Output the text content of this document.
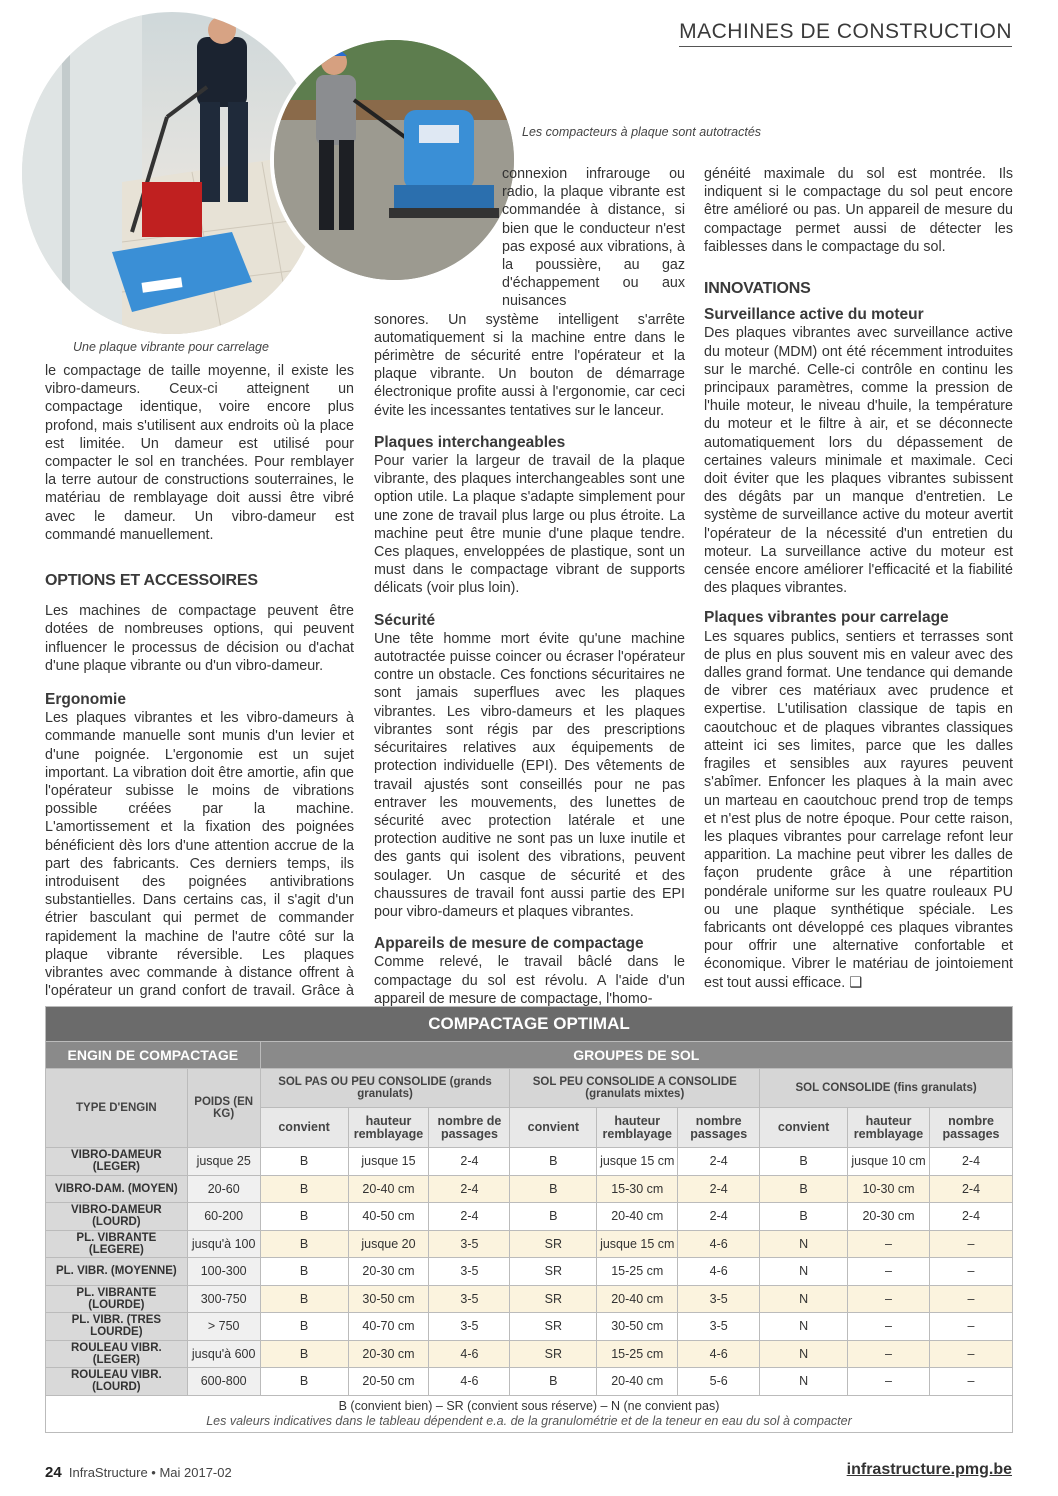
MACHINES DE CONSTRUCTION
Une plaque vibrante pour carrelage
Les compacteurs à plaque sont autotractés

le compactage de taille moyenne, il existe les vibro-dameurs. Ceux-ci atteignent un compactage identique, voire encore plus profond, mais s'utilisent aux endroits où la place est limitée. Un dameur est utilisé pour compacter le sol en tranchées. Pour remblayer la terre autour de constructions souterraines, le matériau de remblayage doit aussi être vibré avec le dameur. Un vibro-dameur est commandé manuellement.

OPTIONS ET ACCESSOIRES

Les machines de compactage peuvent être dotées de nombreuses options, qui peuvent influencer le processus de décision ou d'achat d'une plaque vibrante ou d'un vibro-dameur.

Ergonomie

Les plaques vibrantes et les vibro-dameurs à commande manuelle sont munis d'un levier et d'une poignée. L'ergonomie est un sujet important. La vibration doit être amortie, afin que l'opérateur subisse le moins de vibrations possible créées par la machine. L'amortissement et la fixation des poignées bénéficient dès lors d'une attention accrue de la part des fabricants. Ces derniers temps, ils introduisent des poignées antivibrations substantielles. Dans certains cas, il s'agit d'un étrier basculant qui permet de commander rapidement la machine de l'autre côté sur la plaque vibrante réversible. Les plaques vibrantes avec commande à distance offrent à l'opérateur un grand confort de travail. Grâce à

connexion infrarouge ou radio, la plaque vibrante est commandée à distance, si bien que le conducteur n'est pas exposé aux vibrations, à la poussière, au gaz d'échappement ou aux nuisances

sonores. Un système intelligent s'arrête automatiquement si la machine entre dans le périmètre de sécurité entre l'opérateur et la plaque vibrante. Un bouton de démarrage électronique profite aussi à l'ergonomie, car ceci évite les incessantes tentatives sur le lanceur.

Plaques interchangeables

Pour varier la largeur de travail de la plaque vibrante, des plaques interchangeables sont une option utile. La plaque s'adapte simplement pour une zone de travail plus large ou plus étroite. La machine peut être munie d'une plaque tendre. Ces plaques, enveloppées de plastique, sont un must dans le compactage vibrant de supports délicats (voir plus loin).

Sécurité

Une tête homme mort évite qu'une machine autotractée puisse coincer ou écraser l'opérateur contre un obstacle. Ces fonctions sécuritaires ne sont jamais superflues avec les plaques vibrantes. Les vibro-dameurs et les plaques vibrantes sont régis par des prescriptions sécuritaires relatives aux équipements de protection individuelle (EPI). Des vêtements de travail ajustés sont conseillés pour ne pas entraver les mouvements, des lunettes de sécurité avec protection latérale et une protection auditive ne sont pas un luxe inutile et des gants qui isolent des vibrations, peuvent soulager. Un casque de sécurité et des chaussures de travail font aussi partie des EPI pour vibro-dameurs et plaques vibrantes.

Appareils de mesure de compactage

Comme relevé, le travail bâclé dans le compactage du sol est révolu. A l'aide d'un appareil de mesure de compactage, l'homo-

généité maximale du sol est montrée. Ils indiquent si le compactage du sol peut encore être amélioré ou pas. Un appareil de mesure du compactage permet aussi de détecter les faiblesses dans le compactage du sol.

INNOVATIONS
Surveillance active du moteur

Des plaques vibrantes avec surveillance active du moteur (MDM) ont été récemment introduites sur le marché. Celle-ci contrôle en continu les principaux paramètres, comme la pression de l'huile moteur, le niveau d'huile, la température du moteur et le filtre à air, et se déconnecte automatiquement lors du dépassement de certaines valeurs minimale et maximale. Ceci doit éviter que les plaques vibrantes subissent des dégâts par un manque d'entretien. Le système de surveillance active du moteur avertit l'opérateur de la nécessité d'un entretien du moteur. La surveillance active du moteur est censée encore améliorer l'efficacité et la fiabilité des plaques vibrantes.

Plaques vibrantes pour carrelage

Les squares publics, sentiers et terrasses sont de plus en plus souvent mis en valeur avec des dalles grand format. Une tendance qui demande de vibrer ces matériaux avec prudence et expertise. L'utilisation classique de tapis en caoutchouc et de plaques vibrantes classiques atteint ici ses limites, parce que les dalles fragiles et sensibles aux rayures peuvent s'abîmer. Enfoncer les plaques à la main avec un marteau en caoutchouc prend trop de temps et n'est plus de notre époque. Pour cette raison, les plaques vibrantes pour carrelage refont leur apparition. La machine peut vibrer les dalles de façon prudente grâce à une répartition pondérale uniforme sur les quatre rouleaux PU ou une plaque synthétique spéciale. Les fabricants ont développé ces plaques vibrantes pour offrir une alternative confortable et économique. Vibrer le matériau de jointoiement est tout aussi efficace. ❑

COMPACTAGE OPTIMAL										
ENGIN DE COMPACTAGE		GROUPES DE SOL								
TYPE D'ENGIN	POIDS (EN KG)	SOL PAS OU PEU CONSOLIDE (grands granulats)			SOL PEU CONSOLIDE A CONSOLIDE (granulats mixtes)			SOL CONSOLIDE (fins granulats)		
		convient	hauteur remblayage	nombre de passages	convient	hauteur remblayage	nombre passages	convient	hauteur remblayage	nombre passages
VIBRO-DAMEUR (LEGER)	jusque 25	B	jusque 15	2-4	B	jusque 15 cm	2-4	B	jusque 10 cm	2-4
VIBRO-DAM. (MOYEN)	20-60	B	20-40 cm	2-4	B	15-30 cm	2-4	B	10-30 cm	2-4
VIBRO-DAMEUR (LOURD)	60-200	B	40-50 cm	2-4	B	20-40 cm	2-4	B	20-30 cm	2-4
PL. VIBRANTE (LEGERE)	jusqu'à 100	B	jusque 20	3-5	SR	jusque 15 cm	4-6	N	–	–
PL. VIBR. (MOYENNE)	100-300	B	20-30 cm	3-5	SR	15-25 cm	4-6	N	–	–
PL. VIBRANTE (LOURDE)	300-750	B	30-50 cm	3-5	SR	20-40 cm	3-5	N	–	–
PL. VIBR. (TRES LOURDE)	> 750	B	40-70 cm	3-5	SR	30-50 cm	3-5	N	–	–
ROULEAU VIBR. (LEGER)	jusqu'à 600	B	20-30 cm	4-6	SR	15-25 cm	4-6	N	–	–
ROULEAU VIBR. (LOURD)	600-800	B	20-50 cm	4-6	B	20-40 cm	5-6	N	–	–

B (convient bien) – SR (convient sous réserve) – N (ne convient pas)
Les valeurs indicatives dans le tableau dépendent e.a. de la granulométrie et de la teneur en eau du sol à compacter										
24 InfraStructure • Mai 2017-02	infrastructure.pmg.be
